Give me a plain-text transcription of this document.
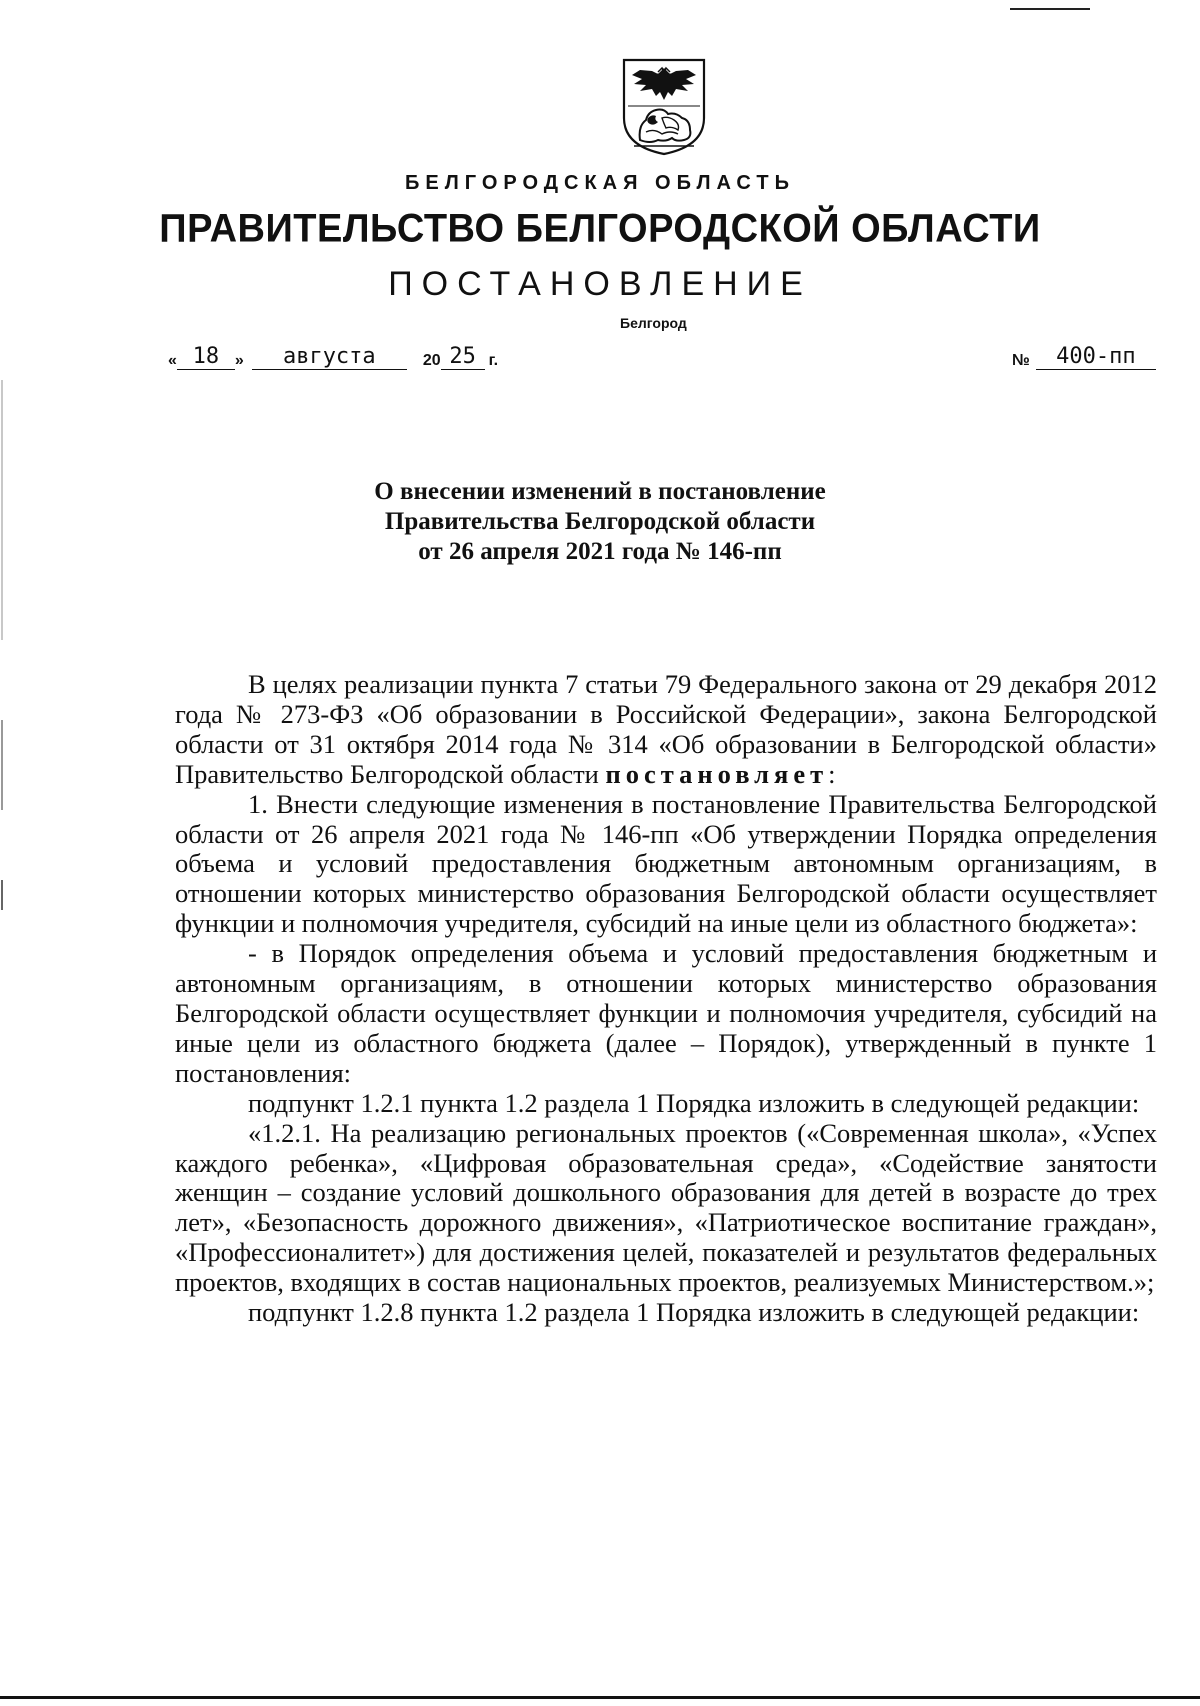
БЕЛГОРОДСКАЯ ОБЛАСТЬ
ПРАВИТЕЛЬСТВО БЕЛГОРОДСКОЙ ОБЛАСТИ
ПОСТАНОВЛЕНИЕ
Белгород
« 18 »	августа	20 25 г.	№	400-пп
О внесении изменений в постановление
Правительства Белгородской области
от 26 апреля 2021 года № 146-пп

В целях реализации пункта 7 статьи 79 Федерального закона от 29 декабря 2012 года № 273-ФЗ «Об образовании в Российской Федерации», закона Белгородской области от 31 октября 2014 года № 314 «Об образовании в Белгородской области» Правительство Белгородской области постановляет:

1. Внести следующие изменения в постановление Правительства Белгородской области от 26 апреля 2021 года № 146-пп «Об утверждении Порядка определения объема и условий предоставления бюджетным автономным организациям, в отношении которых министерство образования Белгородской области осуществляет функции и полномочия учредителя, субсидий на иные цели из областного бюджета»:

- в Порядок определения объема и условий предоставления бюджетным и автономным организациям, в отношении которых министерство образования Белгородской области осуществляет функции и полномочия учредителя, субсидий на иные цели из областного бюджета (далее – Порядок), утвержденный в пункте 1 постановления:

подпункт 1.2.1 пункта 1.2 раздела 1 Порядка изложить в следующей редакции:

«1.2.1. На реализацию региональных проектов («Современная школа», «Успех каждого ребенка», «Цифровая образовательная среда», «Содействие занятости женщин – создание условий дошкольного образования для детей в возрасте до трех лет», «Безопасность дорожного движения», «Патриотическое воспитание граждан», «Профессионалитет») для достижения целей, показателей и результатов федеральных проектов, входящих в состав национальных проектов, реализуемых Министерством.»;

подпункт 1.2.8 пункта 1.2 раздела 1 Порядка изложить в следующей редакции:
